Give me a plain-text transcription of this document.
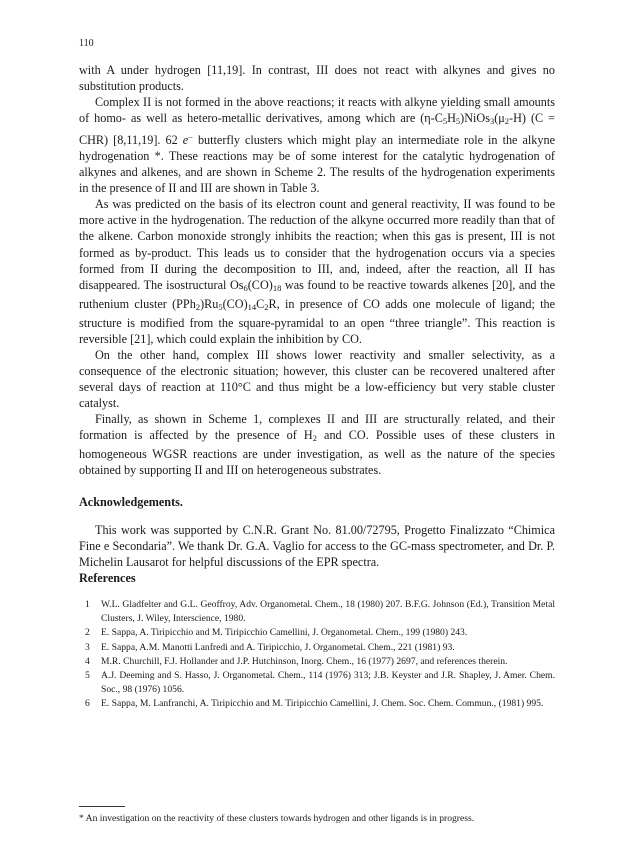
110

with A under hydrogen [11,19]. In contrast, III does not react with alkynes and gives no substitution products.

Complex II is not formed in the above reactions; it reacts with alkyne yielding small amounts of homo- as well as hetero-metallic derivatives, among which are $(\eta-C_5H_5)NiOs_3(\mu_2-H) (C = CHR)$ [8,11,19]. 62 e− butterfly clusters which might play an intermediate role in the alkyne hydrogenation *. These reactions may be of some interest for the catalytic hydrogenation of alkynes and alkenes, and are shown in Scheme 2. The results of the hydrogenation experiments in the presence of II and III are shown in Table 3.

As was predicted on the basis of its electron count and general reactivity, II was found to be more active in the hydrogenation. The reduction of the alkyne occurred more readily than that of the alkene. Carbon monoxide strongly inhibits the reaction; when this gas is present, III is not formed as by-product. This leads us to consider that the hydrogenation occurs via a species formed from II during the decomposition to III, and, indeed, after the reaction, all II has disappeared. The isostructural $Os_6(CO)_{18}$ was found to be reactive towards alkenes [20], and the ruthenium cluster $(PPh_2)Ru_5(CO)_{14}C_2R$, in presence of CO adds one molecule of ligand; the structure is modified from the square-pyramidal to an open “three triangle”. This reaction is reversible [21], which could explain the inhibition by CO.

On the other hand, complex III shows lower reactivity and smaller selectivity, as a consequence of the electronic situation; however, this cluster can be recovered unaltered after several days of reaction at 110°C and thus might be a low-efficiency but very stable cluster catalyst.

Finally, as shown in Scheme 1, complexes II and III are structurally related, and their formation is affected by the presence of $H_2$ and CO. Possible uses of these clusters in homogeneous WGSR reactions are under investigation, as well as the nature of the species obtained by supporting II and III on heterogeneous substrates.

Acknowledgements.

This work was supported by C.N.R. Grant No. 81.00/72795, Progetto Finalizzato “Chimica Fine e Secondaria”. We thank Dr. G.A. Vaglio for access to the GC-mass spectrometer, and Dr. P. Michelin Lausarot for helpful discussions of the EPR spectra.

References
1 W.L. Gladfelter and G.L. Geoffroy, Adv. Organometal. Chem., 18 (1980) 207. B.F.G. Johnson (Ed.), Transition Metal Clusters, J. Wiley, Interscience, 1980.
2 E. Sappa, A. Tiripicchio and M. Tiripicchio Camellini, J. Organometal. Chem., 199 (1980) 243.
3 E. Sappa, A.M. Manotti Lanfredi and A. Tiripicchio, J. Organometal. Chem., 221 (1981) 93.
4 M.R. Churchill, F.J. Hollander and J.P. Hutchinson, Inorg. Chem., 16 (1977) 2697, and references therein.
5 A.J. Deeming and S. Hasso, J. Organometal. Chem., 114 (1976) 313; J.B. Keyster and J.R. Shapley, J. Amer. Chem. Soc., 98 (1976) 1056.
6 E. Sappa, M. Lanfranchi, A. Tiripicchio and M. Tiripicchio Camellini, J. Chem. Soc. Chem. Commun., (1981) 995.
* An investigation on the reactivity of these clusters towards hydrogen and other ligands is in progress.
